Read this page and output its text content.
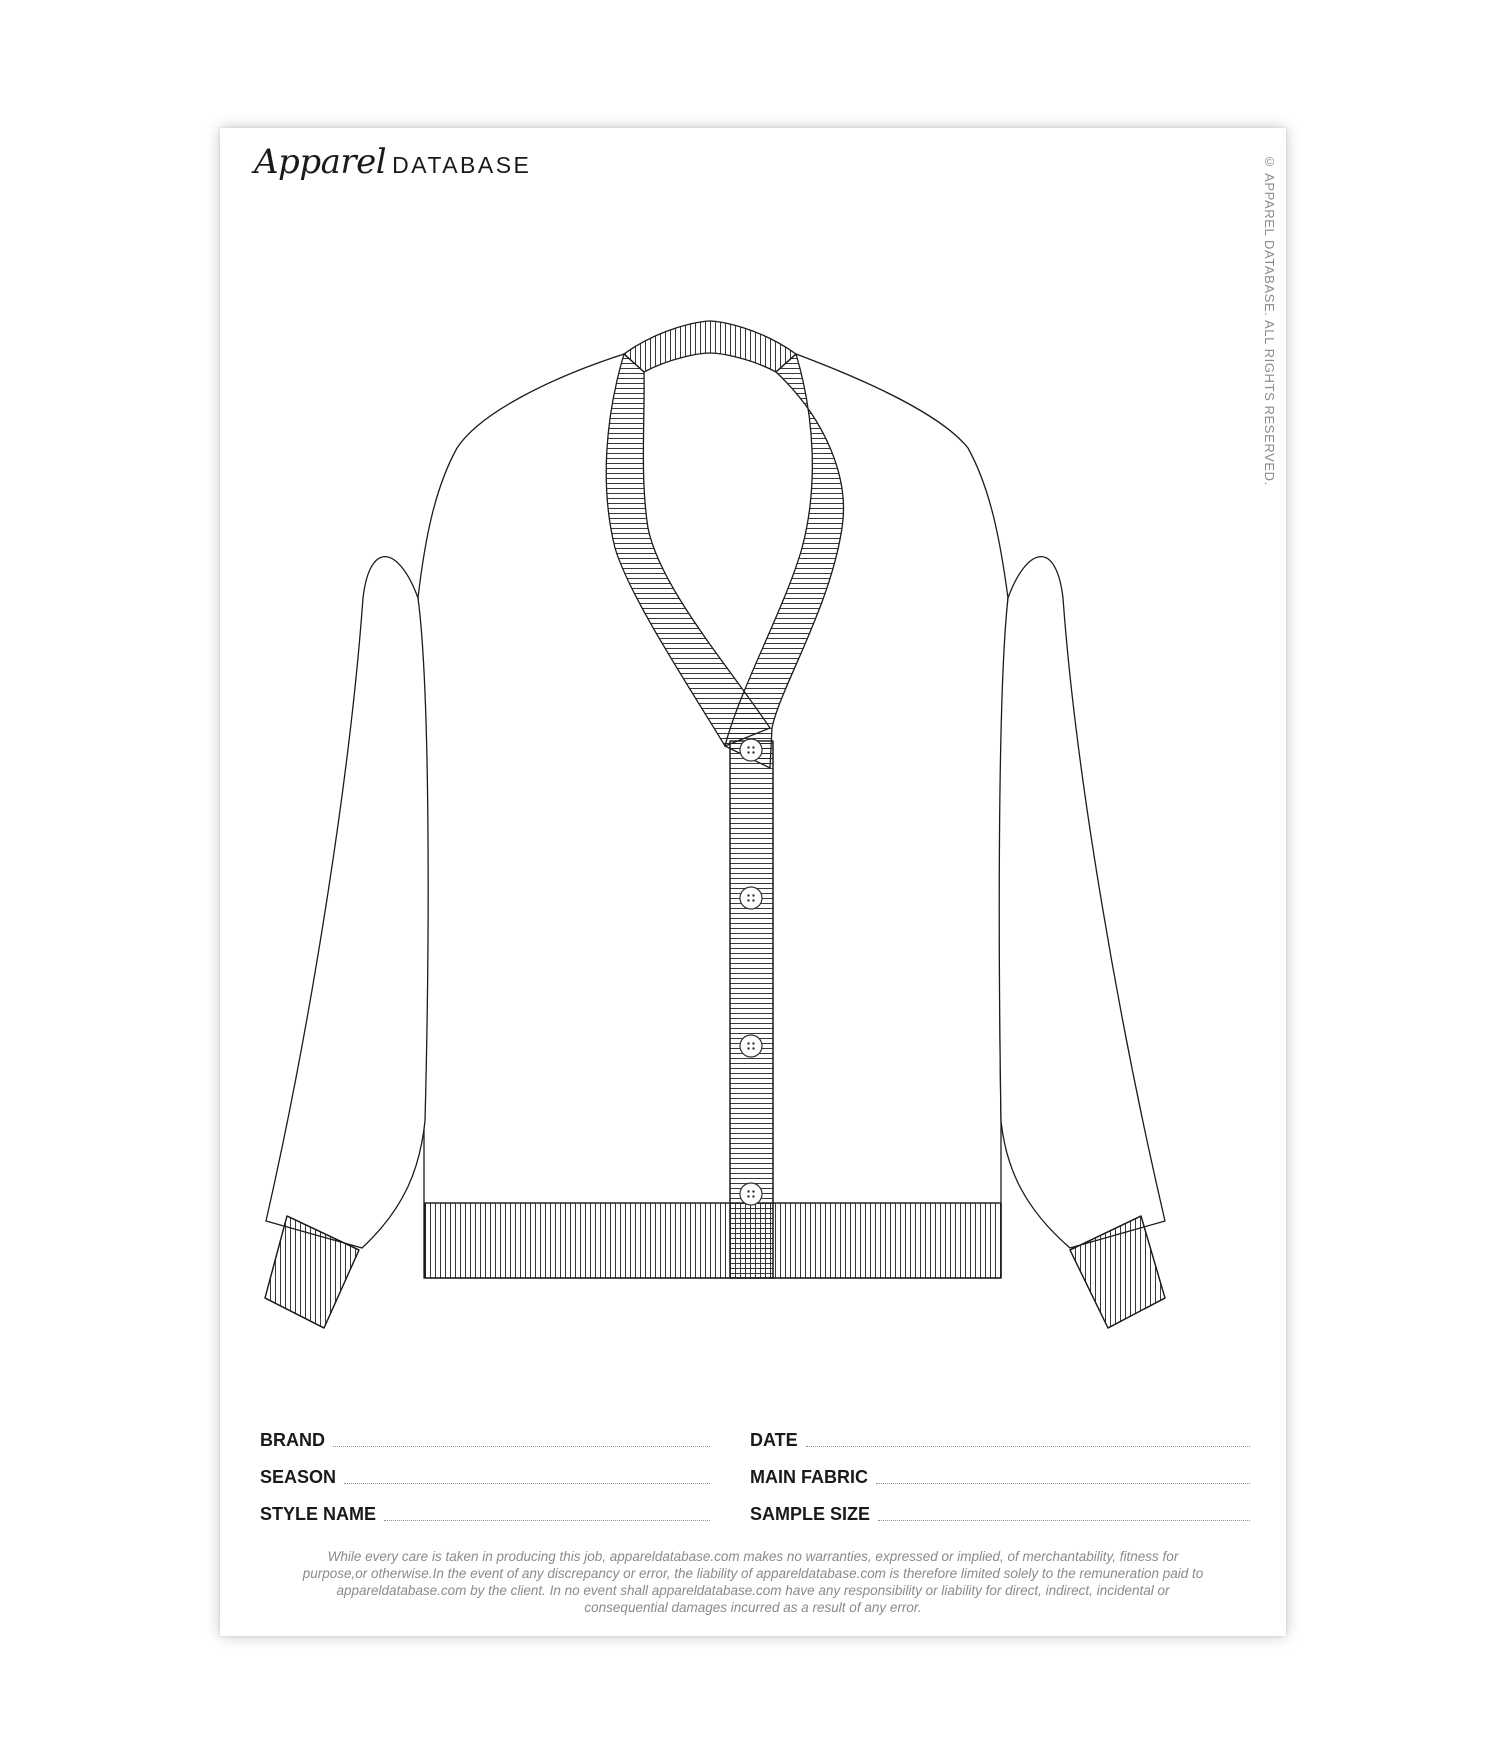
Apparel DATABASE	© APPAREL DATABASE. ALL RIGHTS RESERVED.
BRAND
SEASON
STYLE NAME
DATE
MAIN FABRIC
SAMPLE SIZE
While every care is taken in producing this job, appareldatabase.com makes no warranties, expressed or implied, of merchantability, fitness for purpose,or otherwise.In the event of any discrepancy or error, the liability of appareldatabase.com is therefore limited solely to the remuneration paid to appareldatabase.com by the client. In no event shall appareldatabase.com have any responsibility or liability for direct, indirect, incidental or consequential damages incurred as a result of any error.
